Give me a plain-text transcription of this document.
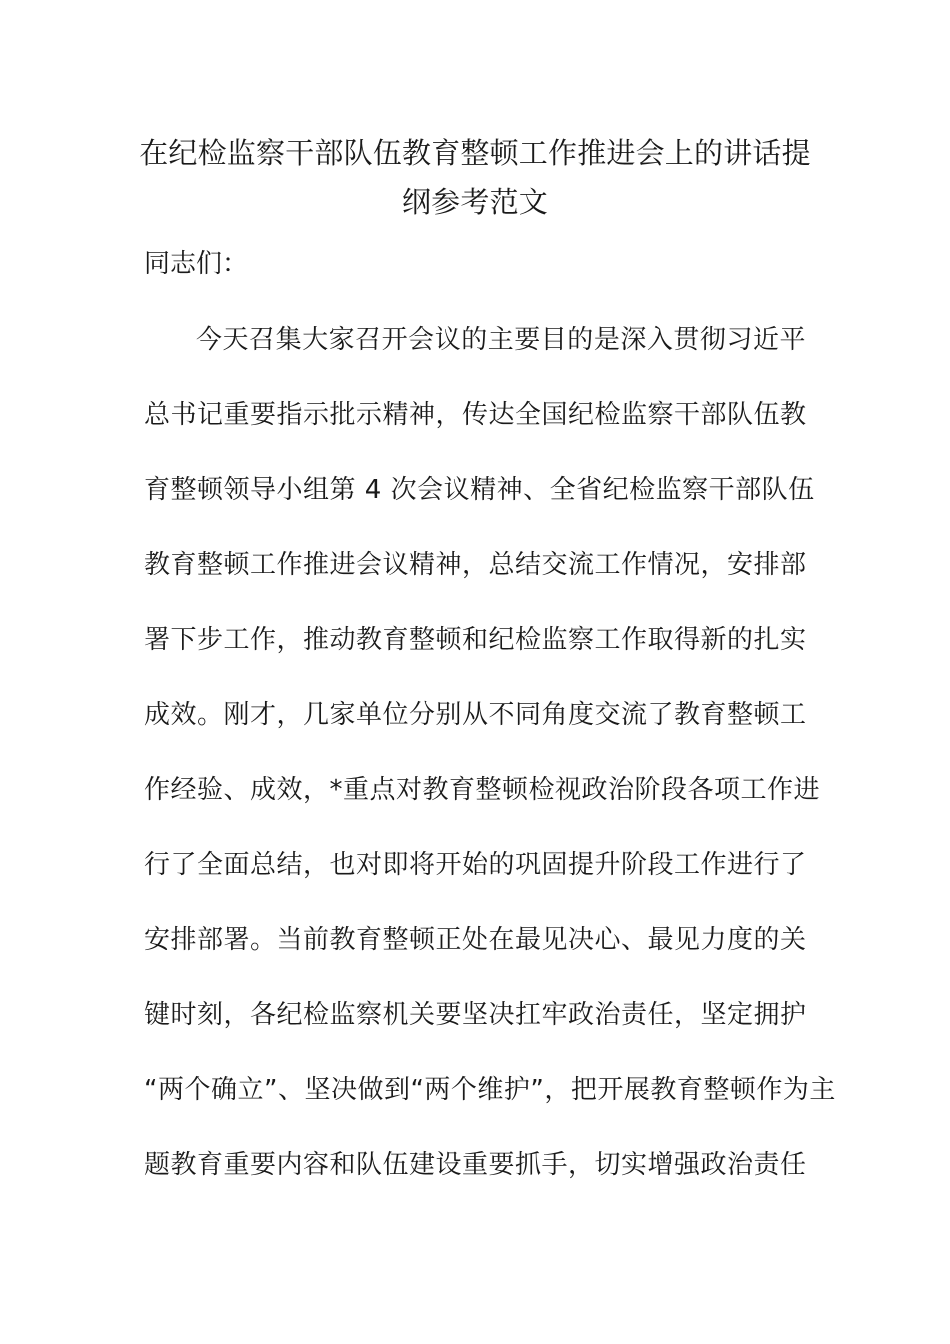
在纪检监察干部队伍教育整顿工作推进会上的讲话提
纲参考范文

同志们：

今天召集大家召开会议的主要目的是深入贯彻习近平

总书记重要指示批示精神，传达全国纪检监察干部队伍教

育整顿领导小组第 4 次会议精神、全省纪检监察干部队伍

教育整顿工作推进会议精神，总结交流工作情况，安排部

署下步工作，推动教育整顿和纪检监察工作取得新的扎实

成效。刚才，几家单位分别从不同角度交流了教育整顿工

作经验、成效，*重点对教育整顿检视政治阶段各项工作进

行了全面总结，也对即将开始的巩固提升阶段工作进行了

安排部署。当前教育整顿正处在最见决心、最见力度的关

键时刻，各纪检监察机关要坚决扛牢政治责任，坚定拥护

“两个确立”、坚决做到“两个维护”，把开展教育整顿作为主

题教育重要内容和队伍建设重要抓手，切实增强政治责任
